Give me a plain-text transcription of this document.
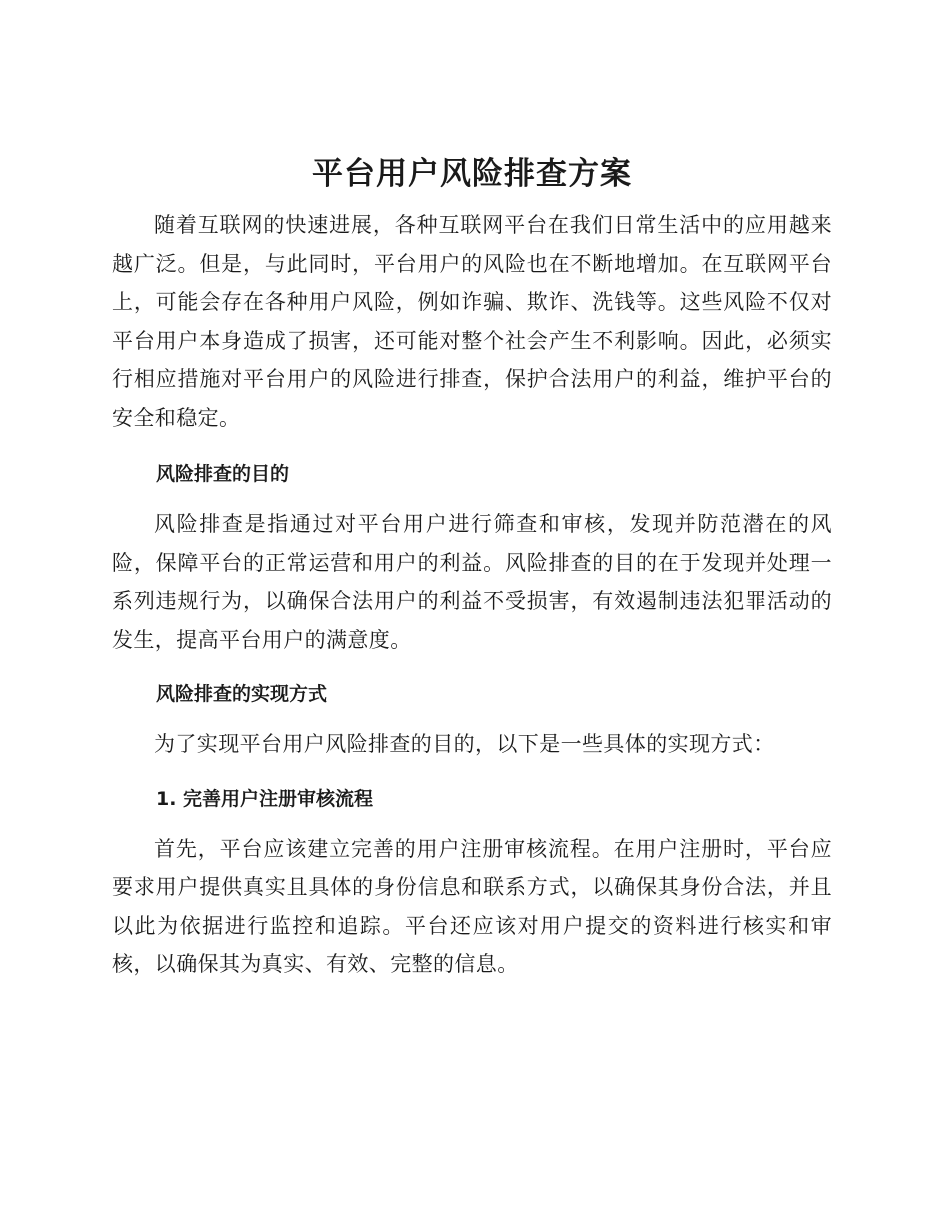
平台用户风险排查方案

随着互联网的快速进展，各种互联网平台在我们日常生活中的应用越来越广泛。但是，与此同时，平台用户的风险也在不断地增加。在互联网平台上，可能会存在各种用户风险，例如诈骗、欺诈、洗钱等。这些风险不仅对平台用户本身造成了损害，还可能对整个社会产生不利影响。因此，必须实行相应措施对平台用户的风险进行排查，保护合法用户的利益，维护平台的安全和稳定。

风险排查的目的

风险排查是指通过对平台用户进行筛查和审核，发现并防范潜在的风险，保障平台的正常运营和用户的利益。风险排查的目的在于发现并处理一系列违规行为，以确保合法用户的利益不受损害，有效遏制违法犯罪活动的发生，提高平台用户的满意度。

风险排查的实现方式

为了实现平台用户风险排查的目的，以下是一些具体的实现方式：

1. 完善用户注册审核流程

首先，平台应该建立完善的用户注册审核流程。在用户注册时，平台应要求用户提供真实且具体的身份信息和联系方式，以确保其身份合法，并且以此为依据进行监控和追踪。平台还应该对用户提交的资料进行核实和审核，以确保其为真实、有效、完整的信息。
